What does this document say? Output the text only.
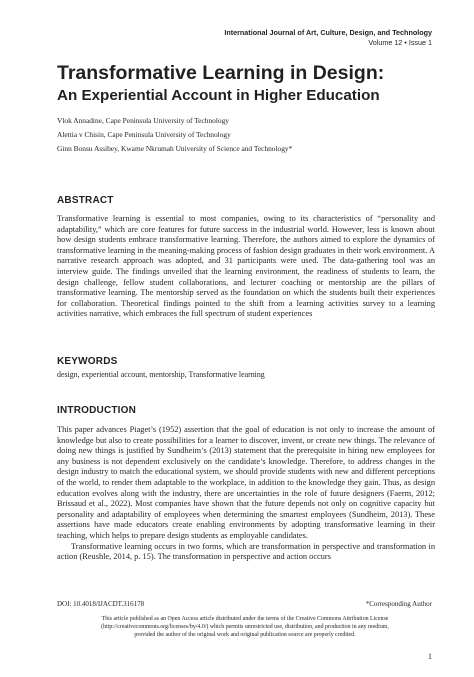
International Journal of Art, Culture, Design, and Technology
Volume 12 • Issue 1
Transformative Learning in Design:
An Experiential Account in Higher Education
Vlok Annadine, Cape Peninsula University of Technology
Alettia v Chisin, Cape Peninsula University of Technology
Ginn Bonsu Assibey, Kwame Nkrumah University of Science and Technology*
ABSTRACT
Transformative learning is essential to most companies, owing to its characteristics of “personality and adaptability,” which are core features for future success in the industrial world. However, less is known about how design students embrace transformative learning. Therefore, the authors aimed to explore the dynamics of transformative learning in the meaning-making process of fashion design graduates in their work environment. A narrative research approach was adopted, and 31 participants were used. The data-gathering tool was an interview guide. The findings unveiled that the learning environment, the readiness of students to learn, the design challenge, fellow student collaborations, and lecturer coaching or mentorship are the pillars of transformative learning. The mentorship served as the foundation on which the students built their experiences for collaboration. Theoretical findings pointed to the shift from a learning activities survey to a learning activities narrative, which embraces the full spectrum of student experiences
KEYWORDS
design, experiential account, mentorship, Transformative learning
INTRODUCTION

This paper advances Piaget’s (1952) assertion that the goal of education is not only to increase the amount of knowledge but also to create possibilities for a learner to discover, invent, or create new things. The relevance of doing new things is justified by Sundheim’s (2013) statement that the prerequisite in hiring new employees for any business is not dependent exclusively on the candidate’s knowledge. Therefore, to address changes in the design industry to match the educational system, we should provide students with new and different perceptions of the world, to render them adaptable to the workplace, in addition to the knowledge they gain. Thus, as design education evolves along with the industry, there are uncertainties in the role of future designers (Faerm, 2012; Brissaud et al., 2022). Most companies have shown that the future depends not only on cognitive capacity but personality and adaptability of employees when determining the smartest employees (Sundheim, 2013). These assertions have made educators create enabling environments by adopting transformative learning in their teaching, which helps to prepare design students as employable candidates.

Transformative learning occurs in two forms, which are transformation in perspective and transformation in action (Reushle, 2014, p. 15). The transformation in perspective and action occurs

DOI: 10.4018/IJACDT.316178	*Corresponding Author
This article published as an Open Access article distributed under the terms of the Creative Commons Attribution License
(http://creativecommons.org/licenses/by/4.0/) which permits unrestricted use, distribution, and production in any medium,
provided the author of the original work and original publication source are properly credited.
1
